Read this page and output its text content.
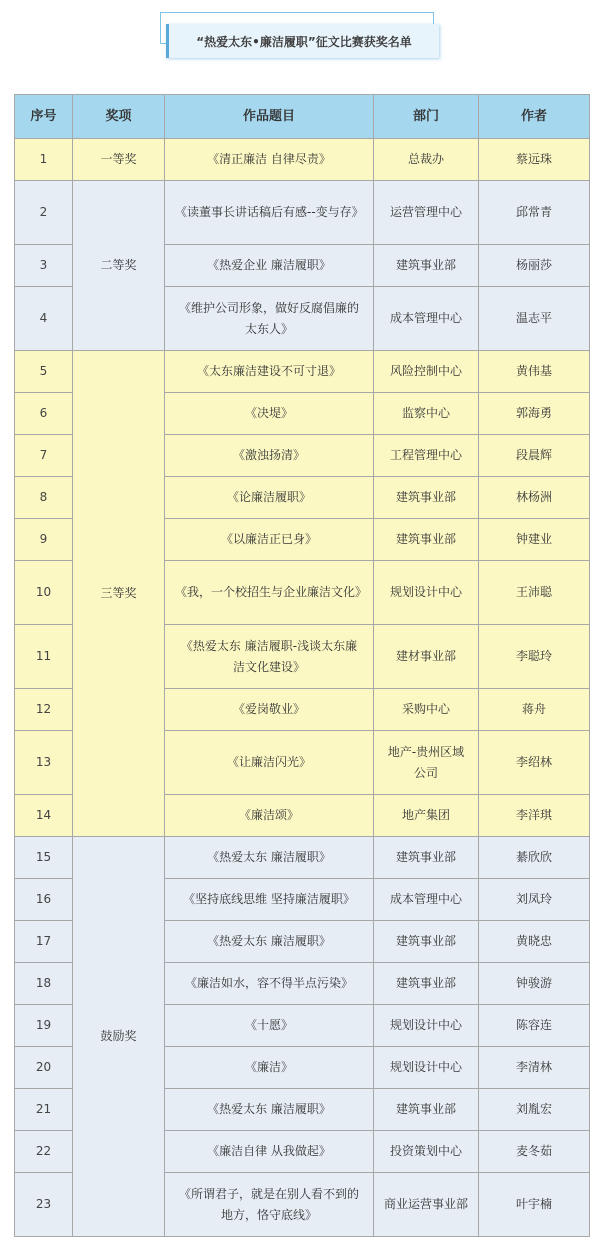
“热爱太东•廉洁履职”征文比赛获奖名单
序号	奖项	作品题目	部门	作者
1	一等奖	《清正廉洁 自律尽责》	总裁办	蔡远珠
2	二等奖	《读董事长讲话稿后有感--变与存》	运营管理中心	邱常青
3		《热爱企业 廉洁履职》	建筑事业部	杨丽莎
4		《维护公司形象，做好反腐倡廉的太东人》	成本管理中心	温志平
5	三等奖	《太东廉洁建设不可寸退》	风险控制中心	黄伟基
6		《决堤》	监察中心	郭海勇
7		《激浊扬清》	工程管理中心	段晨辉
8		《论廉洁履职》	建筑事业部	林杨洲
9		《以廉洁正已身》	建筑事业部	钟建业
10		《我，一个校招生与企业廉洁文化》	规划设计中心	王沛聪
11		《热爱太东 廉洁履职-浅谈太东廉洁文化建设》	建材事业部	李聪玲
12		《爱岗敬业》	采购中心	蒋舟
13		《让廉洁闪光》	地产-贵州区域公司	李绍林
14		《廉洁颂》	地产集团	李洋琪
15	鼓励奖	《热爱太东 廉洁履职》	建筑事业部	綦欣欣
16		《坚持底线思维 坚持廉洁履职》	成本管理中心	刘凤玲
17		《热爱太东 廉洁履职》	建筑事业部	黄晓忠
18		《廉洁如水，容不得半点污染》	建筑事业部	钟骏游
19		《十愿》	规划设计中心	陈容连
20		《廉洁》	规划设计中心	李清林
21		《热爱太东 廉洁履职》	建筑事业部	刘胤宏
22		《廉洁自律 从我做起》	投资策划中心	麦冬茹
23		《所谓君子，就是在别人看不到的地方，恪守底线》	商业运营事业部	叶宇楠
